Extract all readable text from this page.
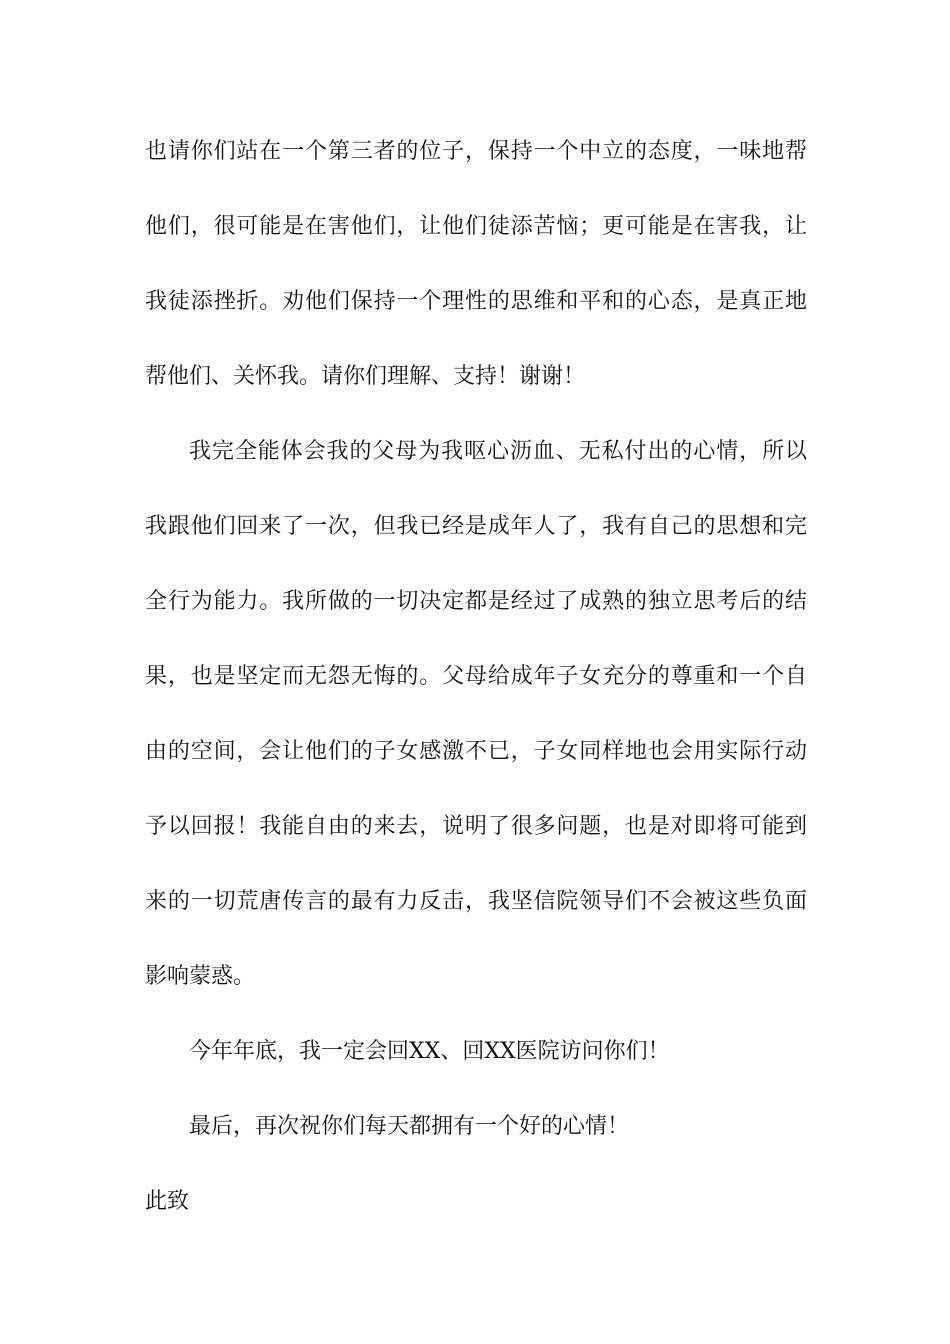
也请你们站在一个第三者的位子，保持一个中立的态度，一味地帮
他们，很可能是在害他们，让他们徒添苦恼；更可能是在害我，让
我徒添挫折。劝他们保持一个理性的思维和平和的心态，是真正地
帮他们、关怀我。请你们理解、支持！谢谢！
我完全能体会我的父母为我呕心沥血、无私付出的心情，所以
我跟他们回来了一次，但我已经是成年人了，我有自己的思想和完
全行为能力。我所做的一切决定都是经过了成熟的独立思考后的结
果，也是坚定而无怨无悔的。父母给成年子女充分的尊重和一个自
由的空间，会让他们的子女感激不已，子女同样地也会用实际行动
予以回报！我能自由的来去，说明了很多问题，也是对即将可能到
来的一切荒唐传言的最有力反击，我坚信院领导们不会被这些负面
影响蒙惑。
今年年底，我一定会回XX、回XX医院访问你们！
最后，再次祝你们每天都拥有一个好的心情！
此致
